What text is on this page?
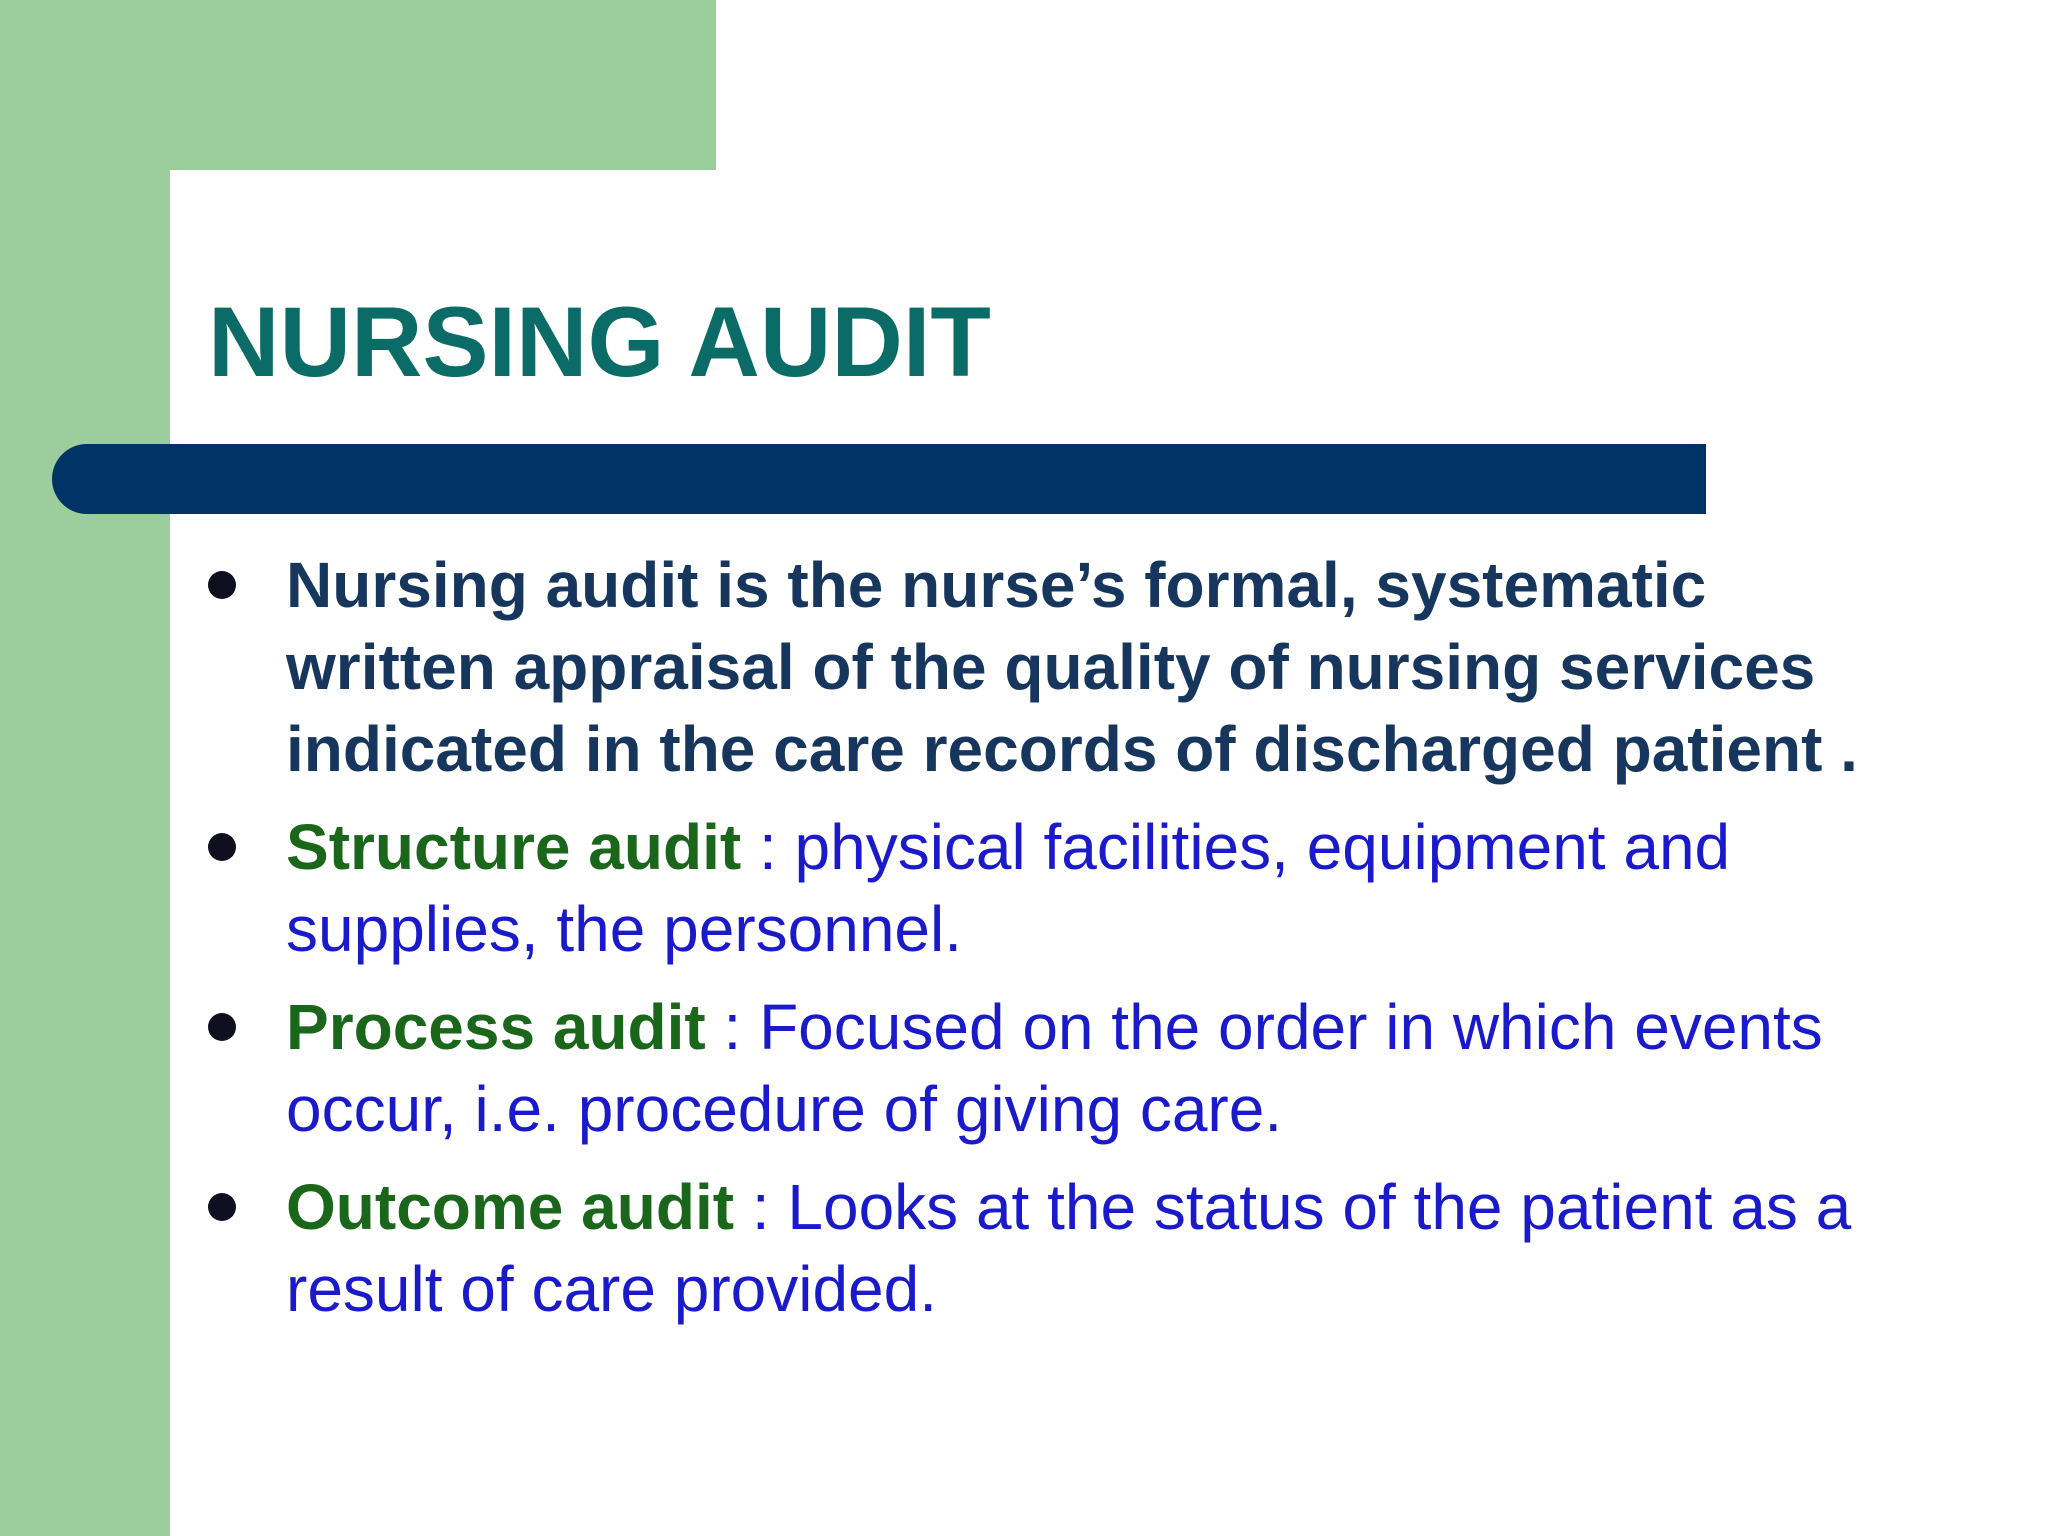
NURSING AUDIT
Nursing audit is the nurse’s formal, systematic written appraisal of the quality of nursing services indicated in the care records of discharged patient .
Structure audit : physical facilities, equipment and supplies, the personnel.
Process audit : Focused on the order in which events occur, i.e. procedure of giving care.
Outcome audit : Looks at the status of the patient as a result of care provided.
